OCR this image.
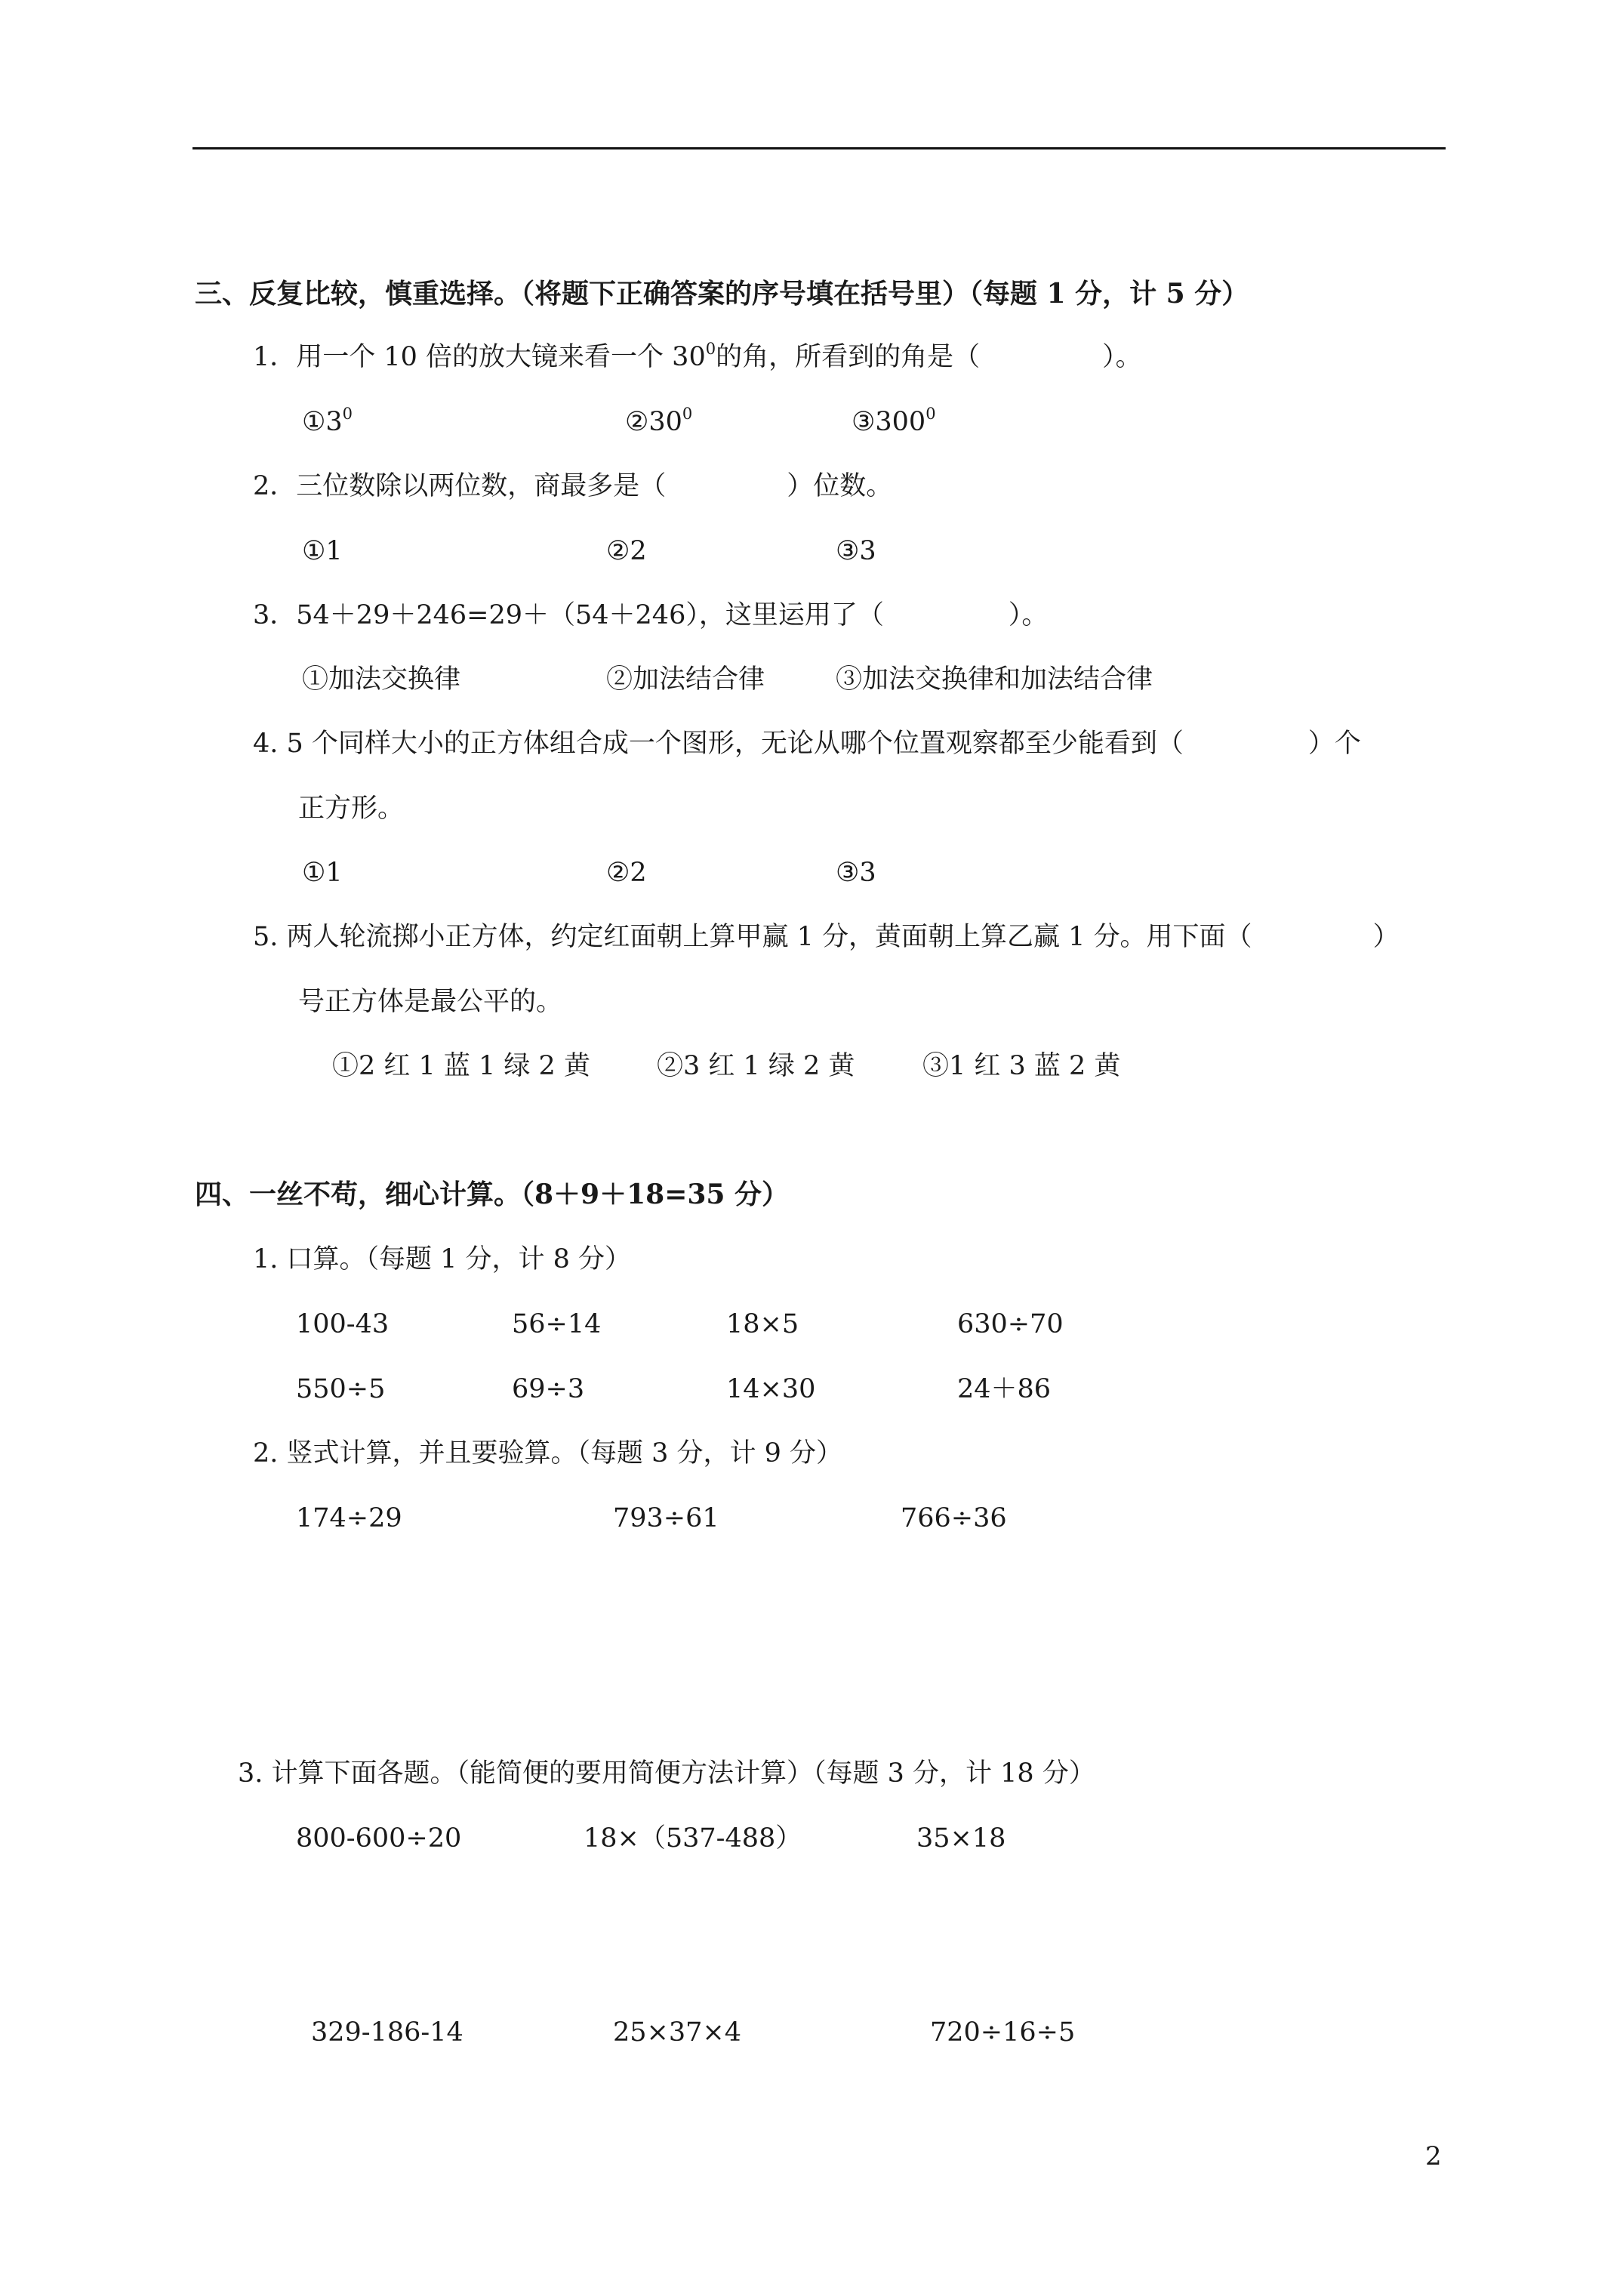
三、反复比较，慎重选择。（将题下正确答案的序号填在括号里）（每题 1 分，计 5 分）
1．用一个 10 倍的放大镜来看一个 $30^0$的角，所看到的角是（	）。
$①3^0$	$②30^0$	$③300^0$
2．三位数除以两位数，商最多是（	）位数。
①1	②2	③3
3．54＋29＋246=29＋（54＋246），这里运用了（	）。
①加法交换律	②加法结合律	③加法交换律和加法结合律
4. 5 个同样大小的正方体组合成一个图形，无论从哪个位置观察都至少能看到（	）个
正方形。
①1	②2	③3
5. 两人轮流掷小正方体，约定红面朝上算甲赢 1 分，黄面朝上算乙赢 1 分。用下面（	）
号正方体是最公平的。
①2 红 1 蓝 1 绿 2 黄	②3 红 1 绿 2 黄	③1 红 3 蓝 2 黄
四、一丝不苟，细心计算。（8＋9＋18=35 分）
1. 口算。（每题 1 分，计 8 分）
100-43	56÷14	18×5	630÷70
550÷5	69÷3	14×30	24＋86
2. 竖式计算，并且要验算。（每题 3 分，计 9 分）
174÷29	793÷61	766÷36
3. 计算下面各题。（能简便的要用简便方法计算）（每题 3 分，计 18 分）
800-600÷20	18×（537-488）	35×18
329-186-14	25×37×4	720÷16÷5
2
